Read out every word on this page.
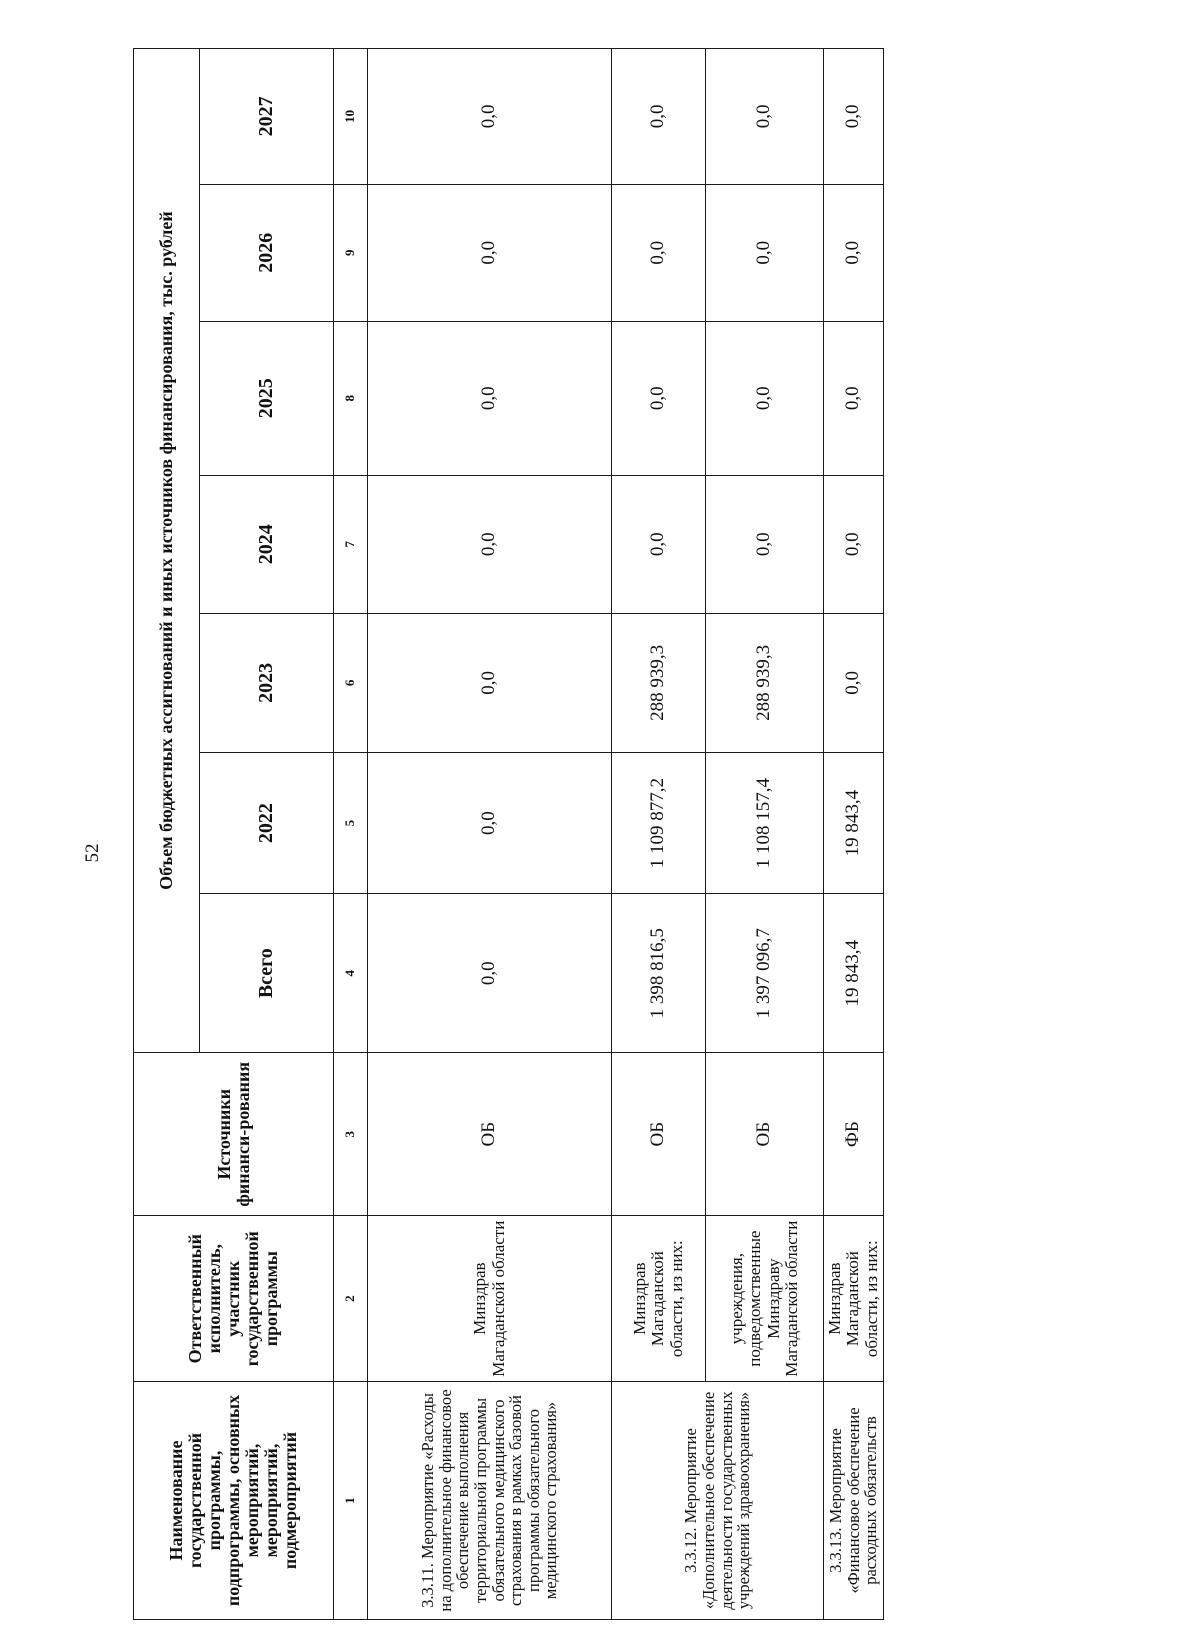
52
Наименование государственной программы, подпрограммы, основных мероприятий, мероприятий, подмероприятий	Ответственный исполнитель, участник государственной программы	Источники финанси-рования	Объем бюджетных ассигнований и иных источников финансирования, тыс. рублей						
			Всего	2022	2023	2024	2025	2026	2027
1	2	3	4	5	6	7	8	9	10
3.3.11. Мероприятие «Расходы на дополнительное финансовое обеспечение выполнения территориальной программы обязательного медицинского страхования в рамках базовой программы обязательного медицинского страхования»	Минздрав Магаданской области	ОБ	0,0	0,0	0,0	0,0	0,0	0,0	0,0
3.3.12. Мероприятие «Дополнительное обеспечение деятельности государственных учреждений здравоохранения»	Минздрав Магаданской области, из них:	ОБ	1 398 816,5	1 109 877,2	288 939,3	0,0	0,0	0,0	0,0
	учреждения, подведомственные Минздраву Магаданской области	ОБ	1 397 096,7	1 108 157,4	288 939,3	0,0	0,0	0,0	0,0
3.3.13. Мероприятие «Финансовое обеспечение расходных обязательств	Минздрав Магаданской области, из них:	ФБ	19 843,4	19 843,4	0,0	0,0	0,0	0,0	0,0
